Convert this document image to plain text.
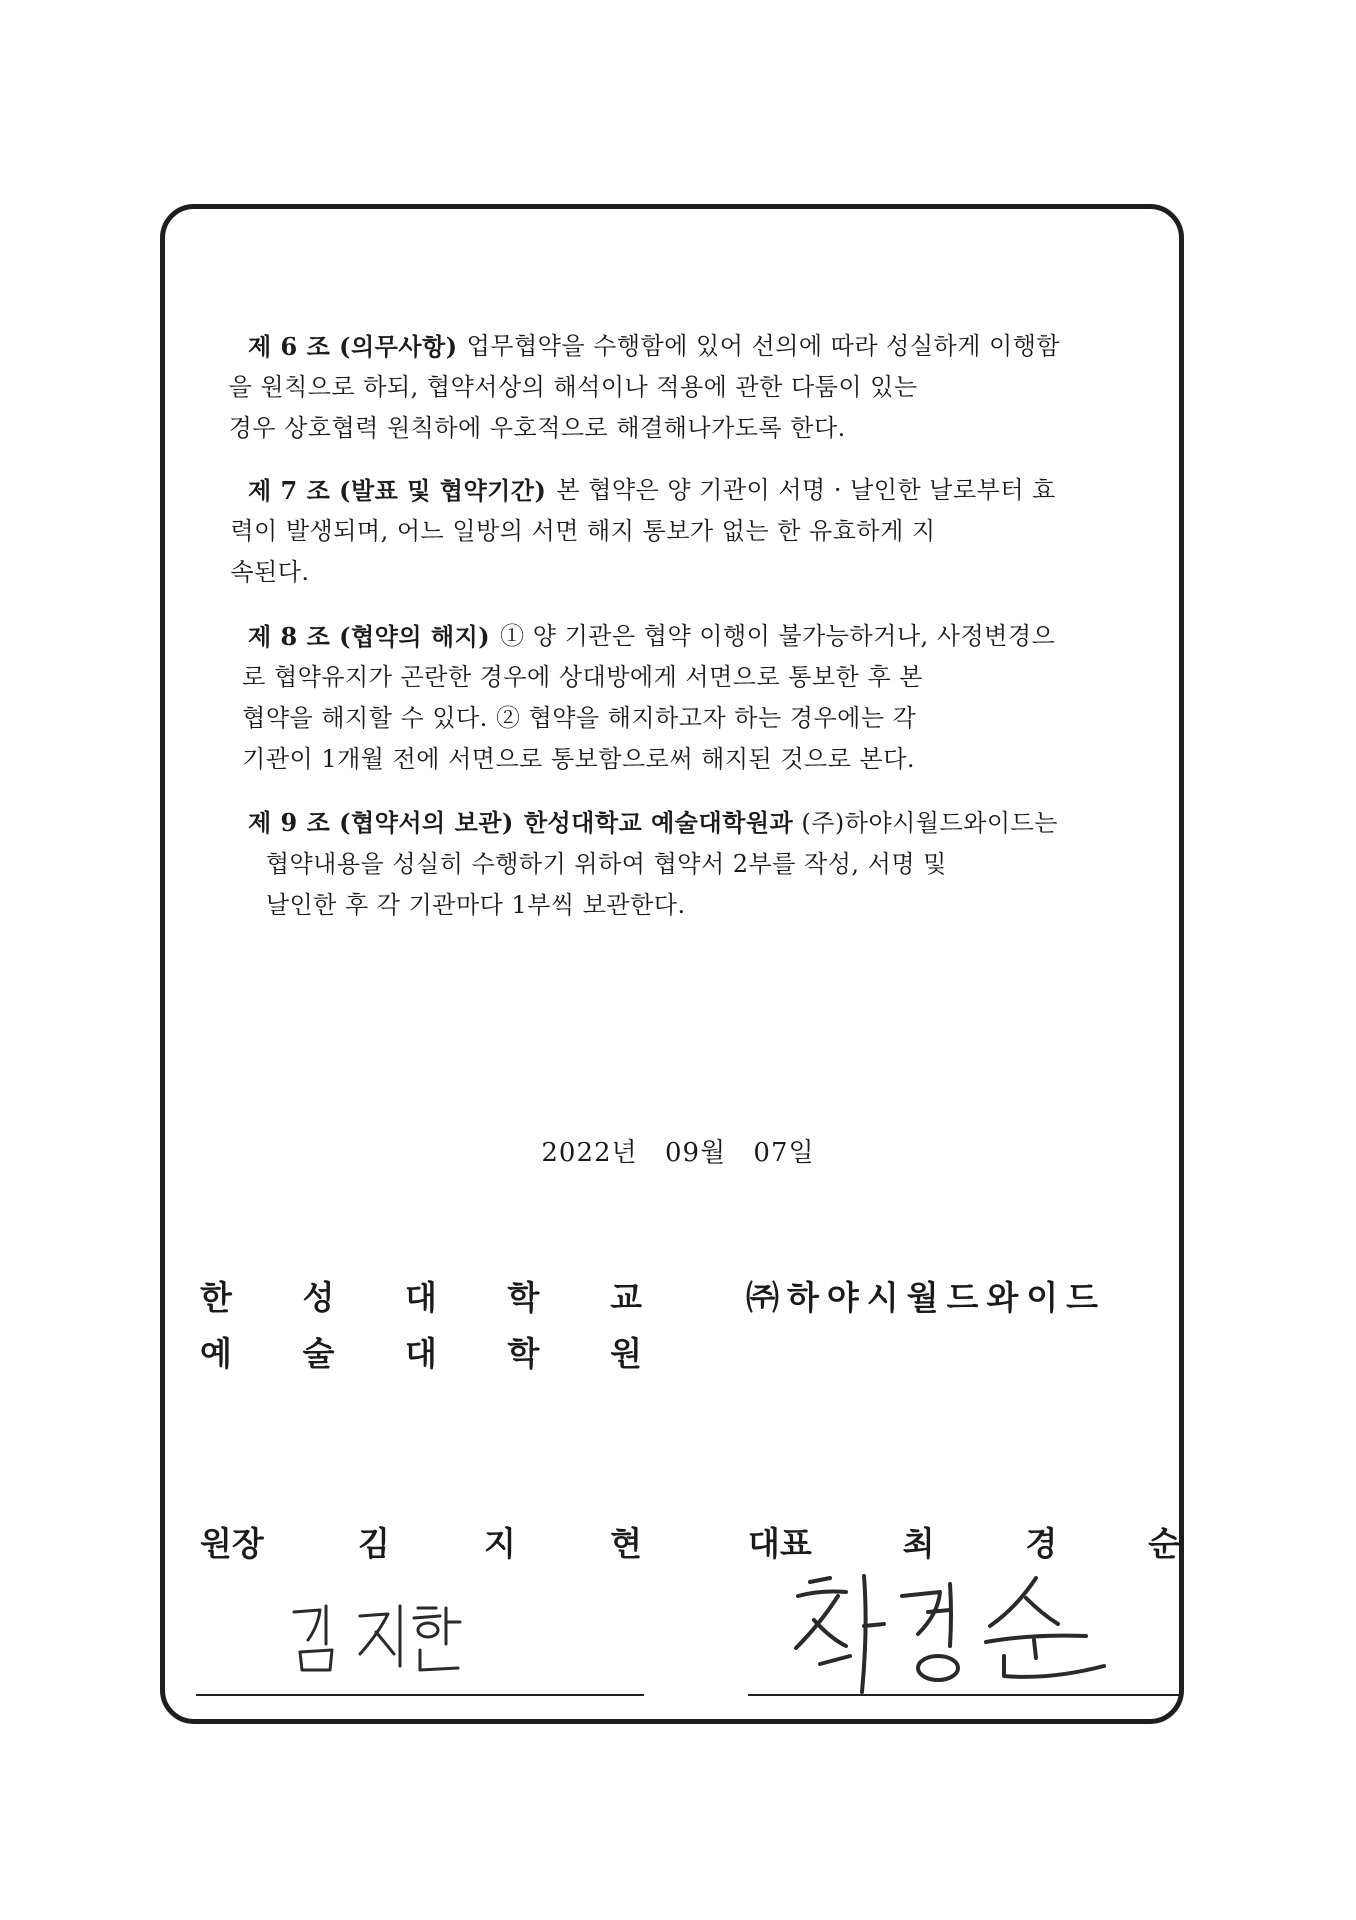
제 6 조 (의무사항) 업무협약을 수행함에 있어 선의에 따라 성실하게 이행함
을 원칙으로 하되, 협약서상의 해석이나 적용에 관한 다툼이 있는
경우 상호협력 원칙하에 우호적으로 해결해나가도록 한다.
제 7 조 (발표 및 협약기간) 본 협약은 양 기관이 서명 · 날인한 날로부터 효
력이 발생되며, 어느 일방의 서면 해지 통보가 없는 한 유효하게 지
속된다.
제 8 조 (협약의 해지) ① 양 기관은 협약 이행이 불가능하거나, 사정변경으
로 협약유지가 곤란한 경우에 상대방에게 서면으로 통보한 후 본
협약을 해지할 수 있다. ② 협약을 해지하고자 하는 경우에는 각
기관이 1개월 전에 서면으로 통보함으로써 해지된 것으로 본다.
제 9 조 (협약서의 보관) 한성대학교 예술대학원과 (주)하야시월드와이드는
협약내용을 성실히 수행하기 위하여 협약서 2부를 작성, 서명 및
날인한 후 각 기관마다 1부씩 보관한다.
2022년 09월 07일
한 성 대 학 교
예 술 대 학 원
원장	김	지	현
㈜하야시월드와이드
대표	최	경	순
